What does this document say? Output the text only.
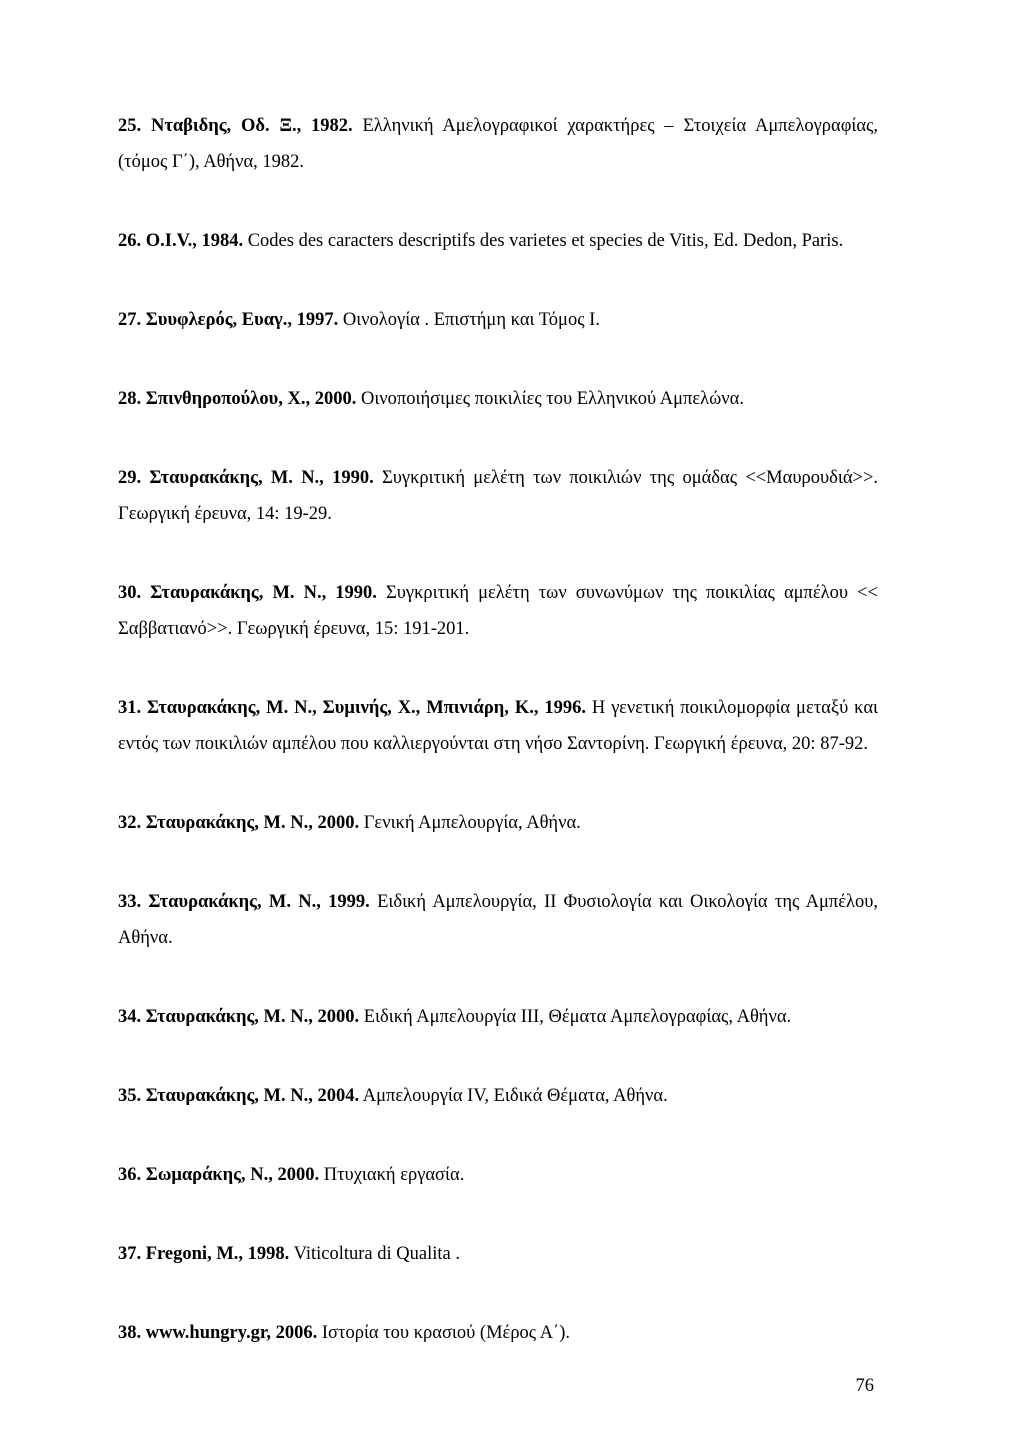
25. Νταβιδης, Οδ. Ξ., 1982. Ελληνική Αμελογραφικοί χαρακτήρες – Στοιχεία Αμπελογραφίας, (τόμος Γ΄), Αθήνα, 1982.
26. O.I.V., 1984. Codes des caracters descriptifs des varietes et species de Vitis, Ed. Dedon, Paris.
27. Συυφλερός, Ευαγ., 1997. Οινολογία . Επιστήμη και Τόμος Ι.
28. Σπινθηροπούλου, Χ., 2000. Οινοποιήσιμες ποικιλίες του Ελληνικού Αμπελώνα.
29. Σταυρακάκης, Μ. Ν., 1990. Συγκριτική μελέτη των ποικιλιών της ομάδας <<Μαυρουδιά>>. Γεωργική έρευνα, 14: 19-29.
30. Σταυρακάκης, Μ. Ν., 1990. Συγκριτική μελέτη των συνωνύμων της ποικιλίας αμπέλου << Σαββατιανό>>. Γεωργική έρευνα, 15: 191-201.
31. Σταυρακάκης, Μ. Ν., Συμινής, Χ., Μπινιάρη, Κ., 1996. Η γενετική ποικιλομορφία μεταξύ και εντός των ποικιλιών αμπέλου που καλλιεργούνται στη νήσο Σαντορίνη. Γεωργική έρευνα, 20: 87-92.
32. Σταυρακάκης, Μ. Ν., 2000. Γενική Αμπελουργία, Αθήνα.
33. Σταυρακάκης, Μ. Ν., 1999. Ειδική Αμπελουργία, ΙΙ Φυσιολογία και Οικολογία της Αμπέλου, Αθήνα.
34. Σταυρακάκης, Μ. Ν., 2000. Ειδική Αμπελουργία ΙΙΙ, Θέματα Αμπελογραφίας, Αθήνα.
35. Σταυρακάκης, Μ. Ν., 2004. Αμπελουργία IV, Ειδικά Θέματα, Αθήνα.
36. Σωμαράκης, Ν., 2000. Πτυχιακή εργασία.
37. Fregoni, M., 1998. Viticoltura di Qualita .
38. www.hungry.gr, 2006. Ιστορία του κρασιού (Μέρος Α΄).
76
